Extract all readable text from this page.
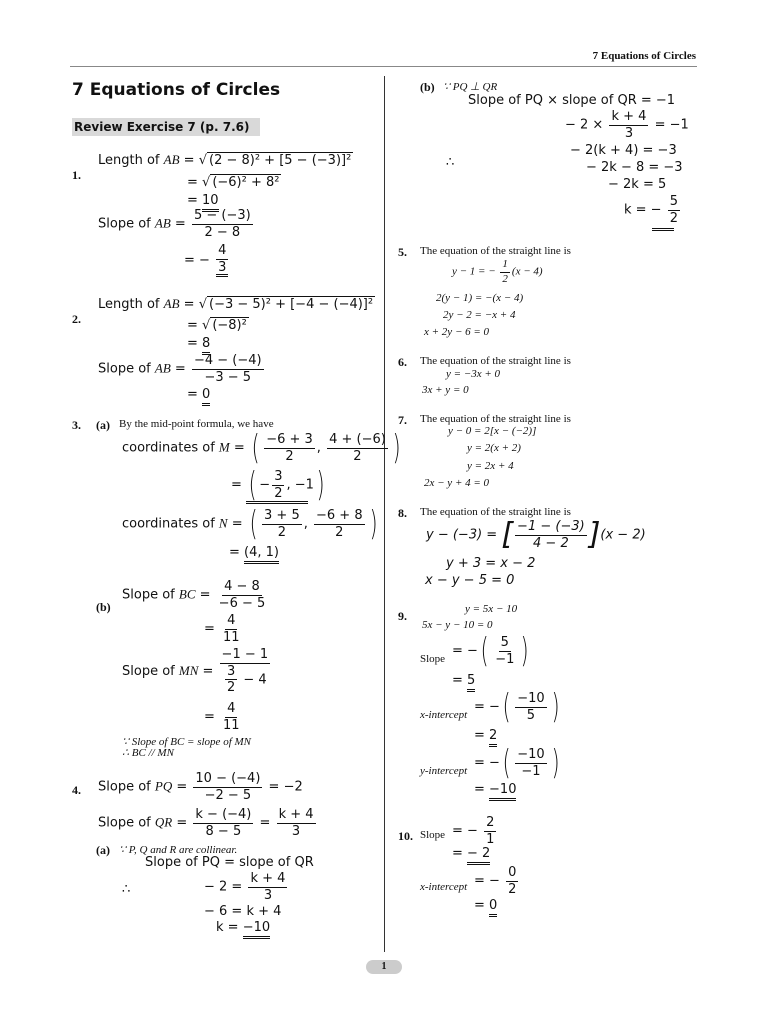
7 Equations of Circles
7 Equations of Circles
Review Exercise 7 (p. 7.6)
1.
Length of AB = √ (2 − 8)² + [5 − (−3)]²
= √ (−6)² + 8²
= 10
Slope of AB = $\frac{5 - (-3)}{2 - 8}$
= − $\frac{4}{3}$
2.
Length of AB = √ (−3 − 5)² + [−4 − (−4)]²
= √ (−8)²
= 8
Slope of AB = $\frac{-4 - (-4)}{-3 - 5}$
= 0
3. (a) By the mid-point formula, we have
coordinates of M = ( $\frac{-6 + 3}{2}$ , $\frac{4 + (-6)}{2}$ )
= ( − $\frac{3}{2}$ , −1)
coordinates of N = ( $\frac{3 + 5}{2}$ , $\frac{-6 + 8}{2}$ )
= (4, 1)
(b)
Slope of BC = $\frac{4 - 8}{-6 - 5}$
= $\frac{4}{11}$
Slope of MN = $\frac{-1 - 1}{\frac{3}{2} - 4}$
= $\frac{4}{11}$
∵ Slope of BC = slope of MN
∴ BC // MN
4. Slope of PQ = $\frac{10 - (-4)}{-2 - 5} = -2$
Slope of QR = $\frac{k - (-4)}{8 - 5} = \frac{k + 4}{3}$
(a) ∵ P, Q and R are collinear.
Slope of PQ = slope of QR
∴	− $2 = \frac{k + 4}{3}$
− 6 = k + 4
k = −10
(b) ∵ PQ ⊥ QR
Slope of PQ × slope of QR = −1
− $2 \times \frac{k + 4}{3} = -1$
− 2(k + 4) = −3
− 2k − 8 = −3
∴
− 2k = 5
k = − $\frac{5}{2}$
5. The equation of the straight line is
y − 1 = − $\frac{1}{2} (x - 4)$
2(y − 1) = −(x − 4)
2y − 2 = −x + 4
x + 2y − 6 = 0
6. The equation of the straight line is
y = −3x + 0
3x + y = 0
7. The equation of the straight line is
y − 0 = 2[x − (−2)]
y = 2(x + 2)
y = 2x + 4
2x − y + 4 = 0
8. The equation of the straight line is
y − (−3) = [ $\frac{-1 - (-3)}{4 - 2} ](x - 2)$
y + 3 = x − 2
x − y − 5 = 0
9.	y = 5x − 10
5x − y − 10 = 0
Slope
= −( $\frac{5}{-1}$ )
= 5
x-intercept
= −( $\frac{-10}{5}$ )
= 2
y-intercept
= −( $\frac{-10}{-1}$ )
= −10
10. Slope = − $\frac{2}{1}$
= − 2
x-intercept = − $\frac{0}{2}$
= 0
1
